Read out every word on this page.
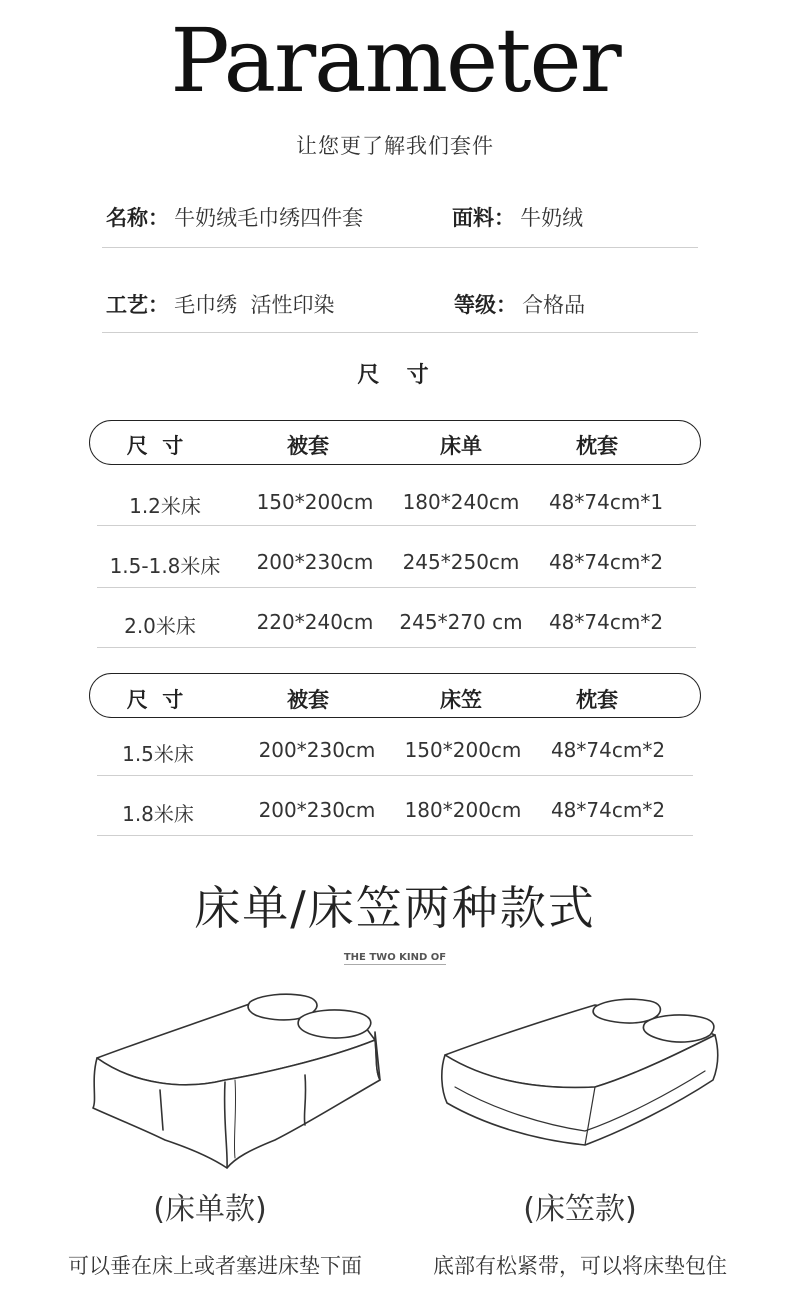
Parameter
让您更了解我们套件
名称： 牛奶绒毛巾绣四件套	面料： 牛奶绒
工艺： 毛巾绣  活性印染	等级： 合格品
尺  寸
尺  寸	被套	床单	枕套
1.2米床	150*200cm	180*240cm	48*74cm*1
1.5-1.8米床	200*230cm	245*250cm	48*74cm*2
2.0米床	220*240cm	245*270 cm	48*74cm*2
尺  寸	被套	床笠	枕套
1.5米床	200*230cm	150*200cm	48*74cm*2
1.8米床	200*230cm	180*200cm	48*74cm*2
床单/床笠两种款式
THE TWO KIND OF
(床单款)	(床笠款)
可以垂在床上或者塞进床垫下面	底部有松紧带，可以将床垫包住
